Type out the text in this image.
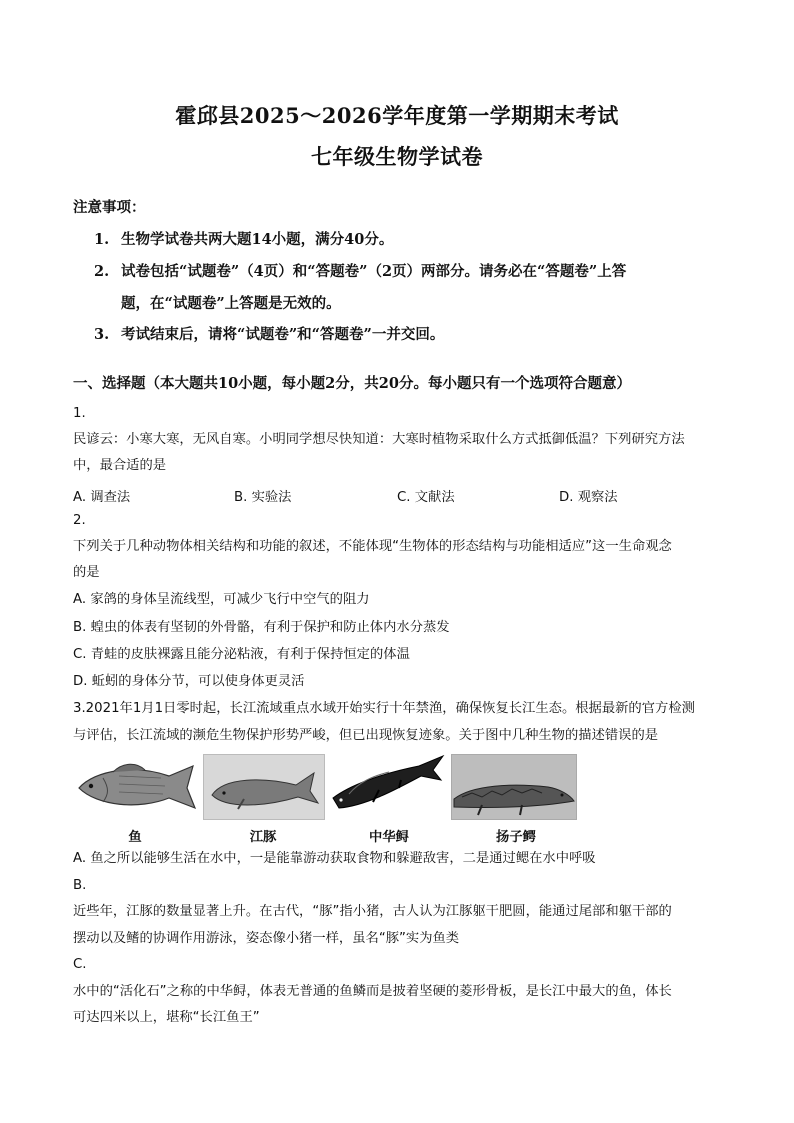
霍邱县2025～2026学年度第一学期期末考试
七年级生物学试卷
注意事项：
1. 生物学试卷共两大题14小题，满分40分。
2. 试卷包括“试题卷”（4页）和“答题卷”（2页）两部分。请务必在“答题卷”上答
题，在“试题卷”上答题是无效的。
3. 考试结束后，请将“试题卷”和“答题卷”一并交回。
一、选择题（本大题共10小题，每小题2分，共20分。每小题只有一个选项符合题意）
1.
民谚云：小寒大寒，无风自寒。小明同学想尽快知道：大寒时植物采取什么方式抵御低温？下列研究方法
中，最合适的是
A. 调查法	B. 实验法	C. 文献法	D. 观察法
2.
下列关于几种动物体相关结构和功能的叙述，不能体现“生物体的形态结构与功能相适应”这一生命观念
的是
A. 家鸽的身体呈流线型，可减少飞行中空气的阻力
B. 蝗虫的体表有坚韧的外骨骼，有利于保护和防止体内水分蒸发
C. 青蛙的皮肤裸露且能分泌粘液，有利于保持恒定的体温
D. 蚯蚓的身体分节，可以使身体更灵活
3.2021年1月1日零时起，长江流域重点水域开始实行十年禁渔，确保恢复长江生态。根据最新的官方检测
与评估，长江流域的濒危生物保护形势严峻，但已出现恢复迹象。关于图中几种生物的描述错误的是
鱼	江豚	中华鲟	扬子鳄
A. 鱼之所以能够生活在水中，一是能靠游动获取食物和躲避敌害，二是通过鳃在水中呼吸
B.
近些年，江豚的数量显著上升。在古代，“豚”指小猪，古人认为江豚躯干肥圆，能通过尾部和躯干部的
摆动以及鳍的协调作用游泳，姿态像小猪一样，虽名“豚”实为鱼类
C.
水中的“活化石”之称的中华鲟，体表无普通的鱼鳞而是披着坚硬的菱形骨板，是长江中最大的鱼，体长
可达四米以上，堪称“长江鱼王”
